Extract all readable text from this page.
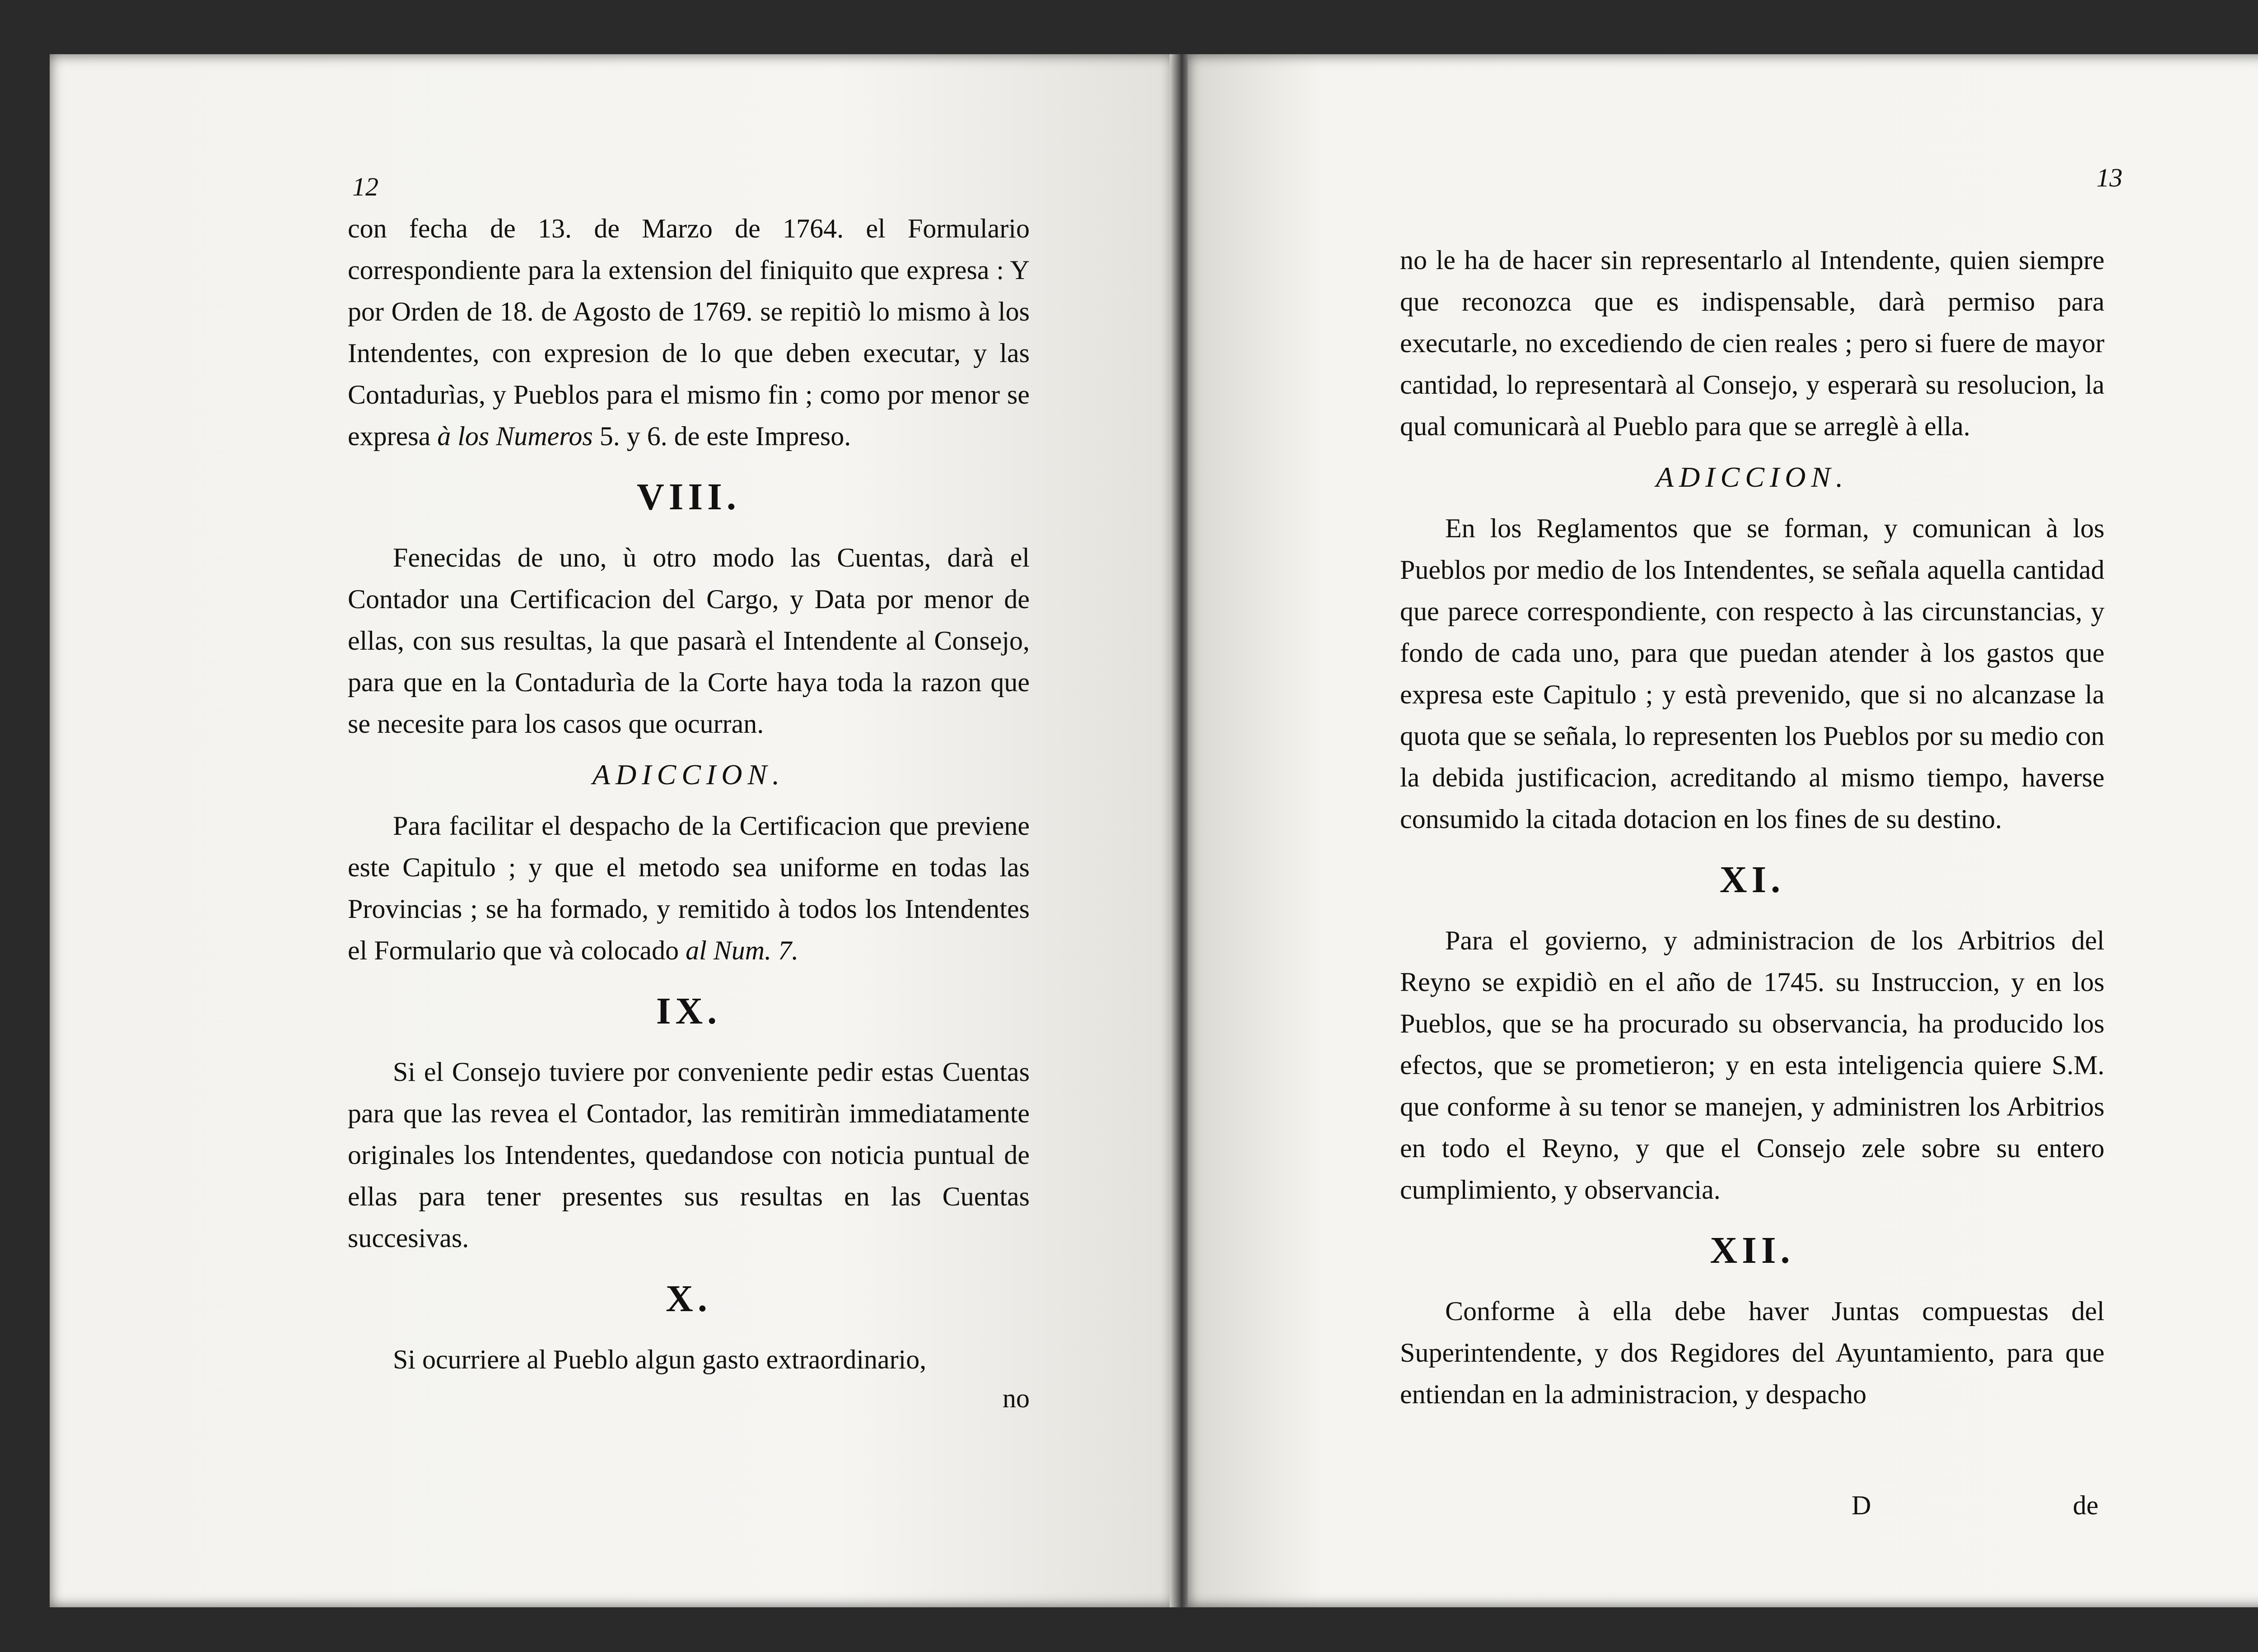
12

con fecha de 13. de Marzo de 1764. el Formulario correspondiente para la extension del finiquito que expresa : Y por Orden de 18. de Agosto de 1769. se repitiò lo mismo à los Intendentes, con expresion de lo que deben executar, y las Contadurìas, y Pueblos para el mismo fin ; como por menor se expresa à los Numeros 5. y 6. de este Impreso.

VIII.

Fenecidas de uno, ù otro modo las Cuentas, darà el Contador una Certificacion del Cargo, y Data por menor de ellas, con sus resultas, la que pasarà el Intendente al Consejo, para que en la Contadurìa de la Corte haya toda la razon que se necesite para los casos que ocurran.

ADICCION.

Para facilitar el despacho de la Certificacion que previene este Capitulo ; y que el metodo sea uniforme en todas las Provincias ; se ha formado, y remitido à todos los Intendentes el Formulario que và colocado al Num. 7.

IX.

Si el Consejo tuviere por conveniente pedir estas Cuentas para que las revea el Contador, las remitiràn immediatamente originales los Intendentes, quedandose con noticia puntual de ellas para tener presentes sus resultas en las Cuentas succesivas.

X.

Si ocurriere al Pueblo algun gasto extraordinario,

no
13

no le ha de hacer sin representarlo al Intendente, quien siempre que reconozca que es indispensable, darà permiso para executarle, no excediendo de cien reales ; pero si fuere de mayor cantidad, lo representarà al Consejo, y esperarà su resolucion, la qual comunicarà al Pueblo para que se arreglè à ella.

ADICCION.

En los Reglamentos que se forman, y comunican à los Pueblos por medio de los Intendentes, se señala aquella cantidad que parece correspondiente, con respecto à las circunstancias, y fondo de cada uno, para que puedan atender à los gastos que expresa este Capitulo ; y està prevenido, que si no alcanzase la quota que se señala, lo representen los Pueblos por su medio con la debida justificacion, acreditando al mismo tiempo, haverse consumido la citada dotacion en los fines de su destino.

XI.

Para el govierno, y administracion de los Arbitrios del Reyno se expidiò en el año de 1745. su Instruccion, y en los Pueblos, que se ha procurado su observancia, ha producido los efectos, que se prometieron; y en esta inteligencia quiere S.M. que conforme à su tenor se manejen, y administren los Arbitrios en todo el Reyno, y que el Consejo zele sobre su entero cumplimiento, y observancia.

XII.

Conforme à ella debe haver Juntas compuestas del Superintendente, y dos Regidores del Ayuntamiento, para que entiendan en la administracion, y despacho

D	de
